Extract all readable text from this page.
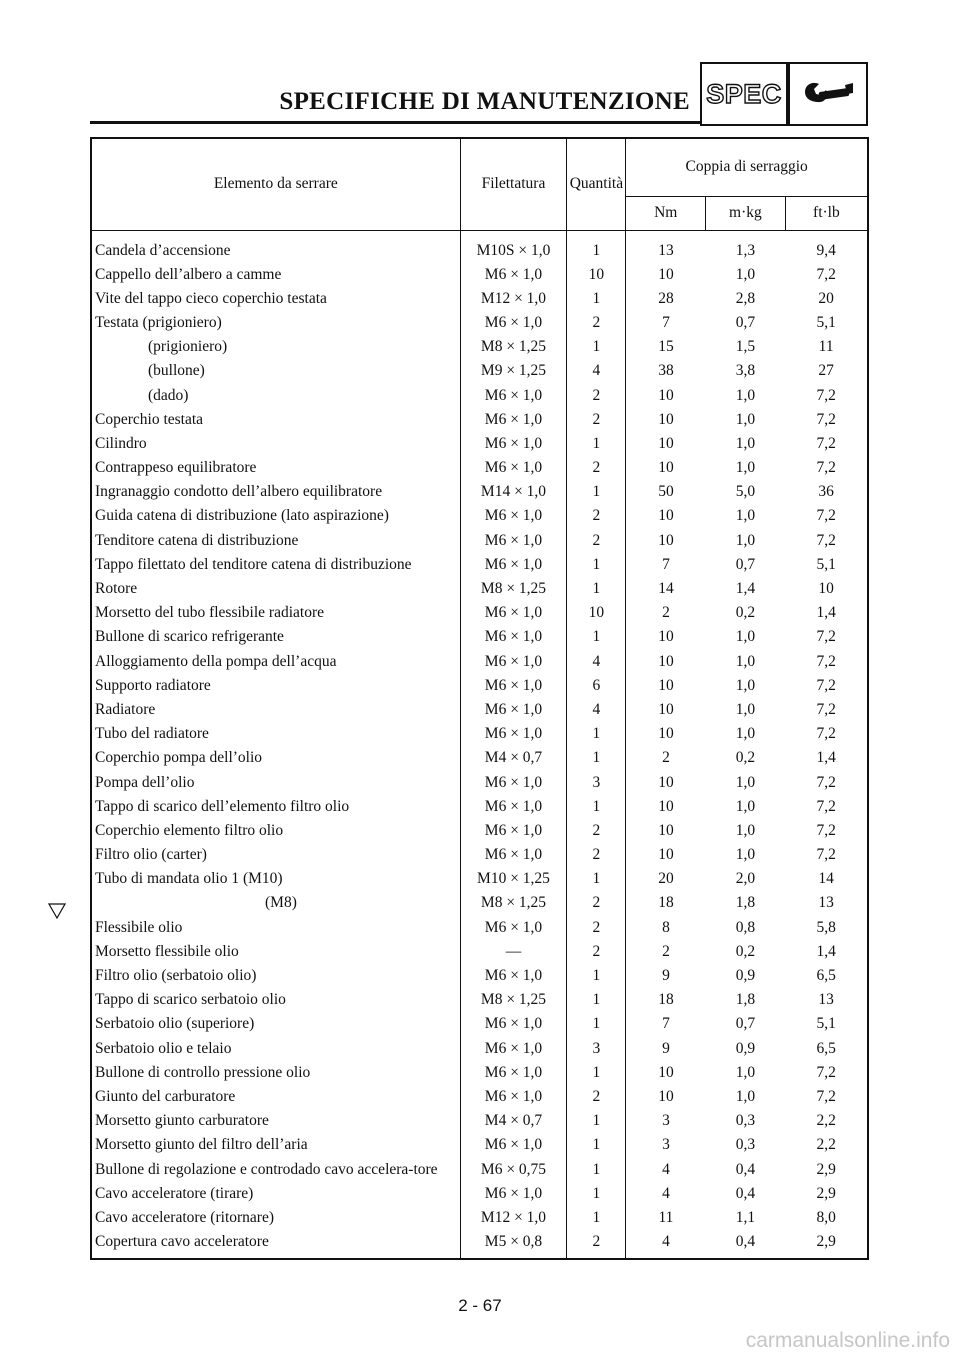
SPECIFICHE DI MANUTENZIONE SPEC
Elemento da serrare	Filettatura	Quantità	Coppia di serraggio		
			Nm	m·kg	ft·lb
Candela d’accensione	M10S × 1,0	1	13	1,3	9,4
Cappello dell’albero a camme	M6 × 1,0	10	10	1,0	7,2
Vite del tappo cieco coperchio testata	M12 × 1,0	1	28	2,8	20
Testata (prigioniero)	M6 × 1,0	2	7	0,7	5,1
(prigioniero)	M8 × 1,25	1	15	1,5	11
(bullone)	M9 × 1,25	4	38	3,8	27
(dado)	M6 × 1,0	2	10	1,0	7,2
Coperchio testata	M6 × 1,0	2	10	1,0	7,2
Cilindro	M6 × 1,0	1	10	1,0	7,2
Contrappeso equilibratore	M6 × 1,0	2	10	1,0	7,2
Ingranaggio condotto dell’albero equilibratore	M14 × 1,0	1	50	5,0	36
Guida catena di distribuzione (lato aspirazione)	M6 × 1,0	2	10	1,0	7,2
Tenditore catena di distribuzione	M6 × 1,0	2	10	1,0	7,2
Tappo filettato del tenditore catena di distribuzione	M6 × 1,0	1	7	0,7	5,1
Rotore	M8 × 1,25	1	14	1,4	10
Morsetto del tubo flessibile radiatore	M6 × 1,0	10	2	0,2	1,4
Bullone di scarico refrigerante	M6 × 1,0	1	10	1,0	7,2
Alloggiamento della pompa dell’acqua	M6 × 1,0	4	10	1,0	7,2
Supporto radiatore	M6 × 1,0	6	10	1,0	7,2
Radiatore	M6 × 1,0	4	10	1,0	7,2
Tubo del radiatore	M6 × 1,0	1	10	1,0	7,2
Coperchio pompa dell’olio	M4 × 0,7	1	2	0,2	1,4
Pompa dell’olio	M6 × 1,0	3	10	1,0	7,2
Tappo di scarico dell’elemento filtro olio	M6 × 1,0	1	10	1,0	7,2
Coperchio elemento filtro olio	M6 × 1,0	2	10	1,0	7,2
Filtro olio (carter)	M6 × 1,0	2	10	1,0	7,2
Tubo di mandata olio 1 (M10)	M10 × 1,25	1	20	2,0	14
(M8)	M8 × 1,25	2	18	1,8	13
Flessibile olio	M6 × 1,0	2	8	0,8	5,8
Morsetto flessibile olio	—	2	2	0,2	1,4
Filtro olio (serbatoio olio)	M6 × 1,0	1	9	0,9	6,5
Tappo di scarico serbatoio olio	M8 × 1,25	1	18	1,8	13
Serbatoio olio (superiore)	M6 × 1,0	1	7	0,7	5,1
Serbatoio olio e telaio	M6 × 1,0	3	9	0,9	6,5
Bullone di controllo pressione olio	M6 × 1,0	1	10	1,0	7,2
Giunto del carburatore	M6 × 1,0	2	10	1,0	7,2
Morsetto giunto carburatore	M4 × 0,7	1	3	0,3	2,2
Morsetto giunto del filtro dell’aria	M6 × 1,0	1	3	0,3	2,2
Bullone di regolazione e controdado cavo accelera-tore	M6 × 0,75	1	4	0,4	2,9
Cavo acceleratore (tirare)	M6 × 1,0	1	4	0,4	2,9
Cavo acceleratore (ritornare)	M12 × 1,0	1	11	1,1	8,0
Copertura cavo acceleratore	M5 × 0,8	2	4	0,4	2,9
2 - 67
carmanualsonline.info
